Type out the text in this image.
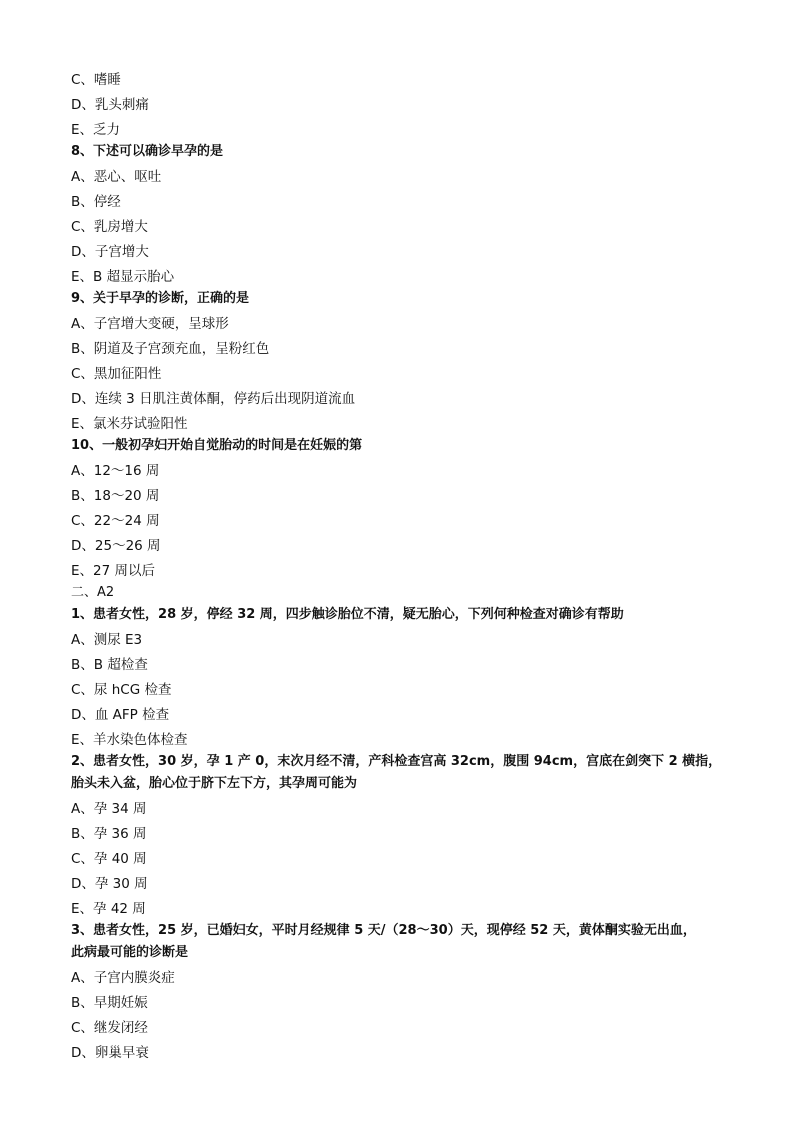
C、嗜睡
D、乳头刺痛
E、乏力
8、下述可以确诊早孕的是
A、恶心、呕吐
B、停经
C、乳房增大
D、子宫增大
E、B 超显示胎心
9、关于早孕的诊断，正确的是
A、子宫增大变硬，呈球形
B、阴道及子宫颈充血，呈粉红色
C、黑加征阳性
D、连续 3 日肌注黄体酮，停药后出现阴道流血
E、氯米芬试验阳性
10、一般初孕妇开始自觉胎动的时间是在妊娠的第
A、12～16 周
B、18～20 周
C、22～24 周
D、25～26 周
E、27 周以后
二、A2
1、患者女性，28 岁，停经 32 周，四步触诊胎位不清，疑无胎心，下列何种检查对确诊有帮助
A、测尿 E3
B、B 超检查
C、尿 hCG 检查
D、血 AFP 检查
E、羊水染色体检查
2、患者女性，30 岁，孕 1 产 0，末次月经不清，产科检查宫高 32cm，腹围 94cm，宫底在剑突下 2 横指，
胎头未入盆，胎心位于脐下左下方，其孕周可能为
A、孕 34 周
B、孕 36 周
C、孕 40 周
D、孕 30 周
E、孕 42 周
3、患者女性，25 岁，已婚妇女，平时月经规律 5 天/（28～30）天，现停经 52 天，黄体酮实验无出血，
此病最可能的诊断是
A、子宫内膜炎症
B、早期妊娠
C、继发闭经
D、卵巢早衰
